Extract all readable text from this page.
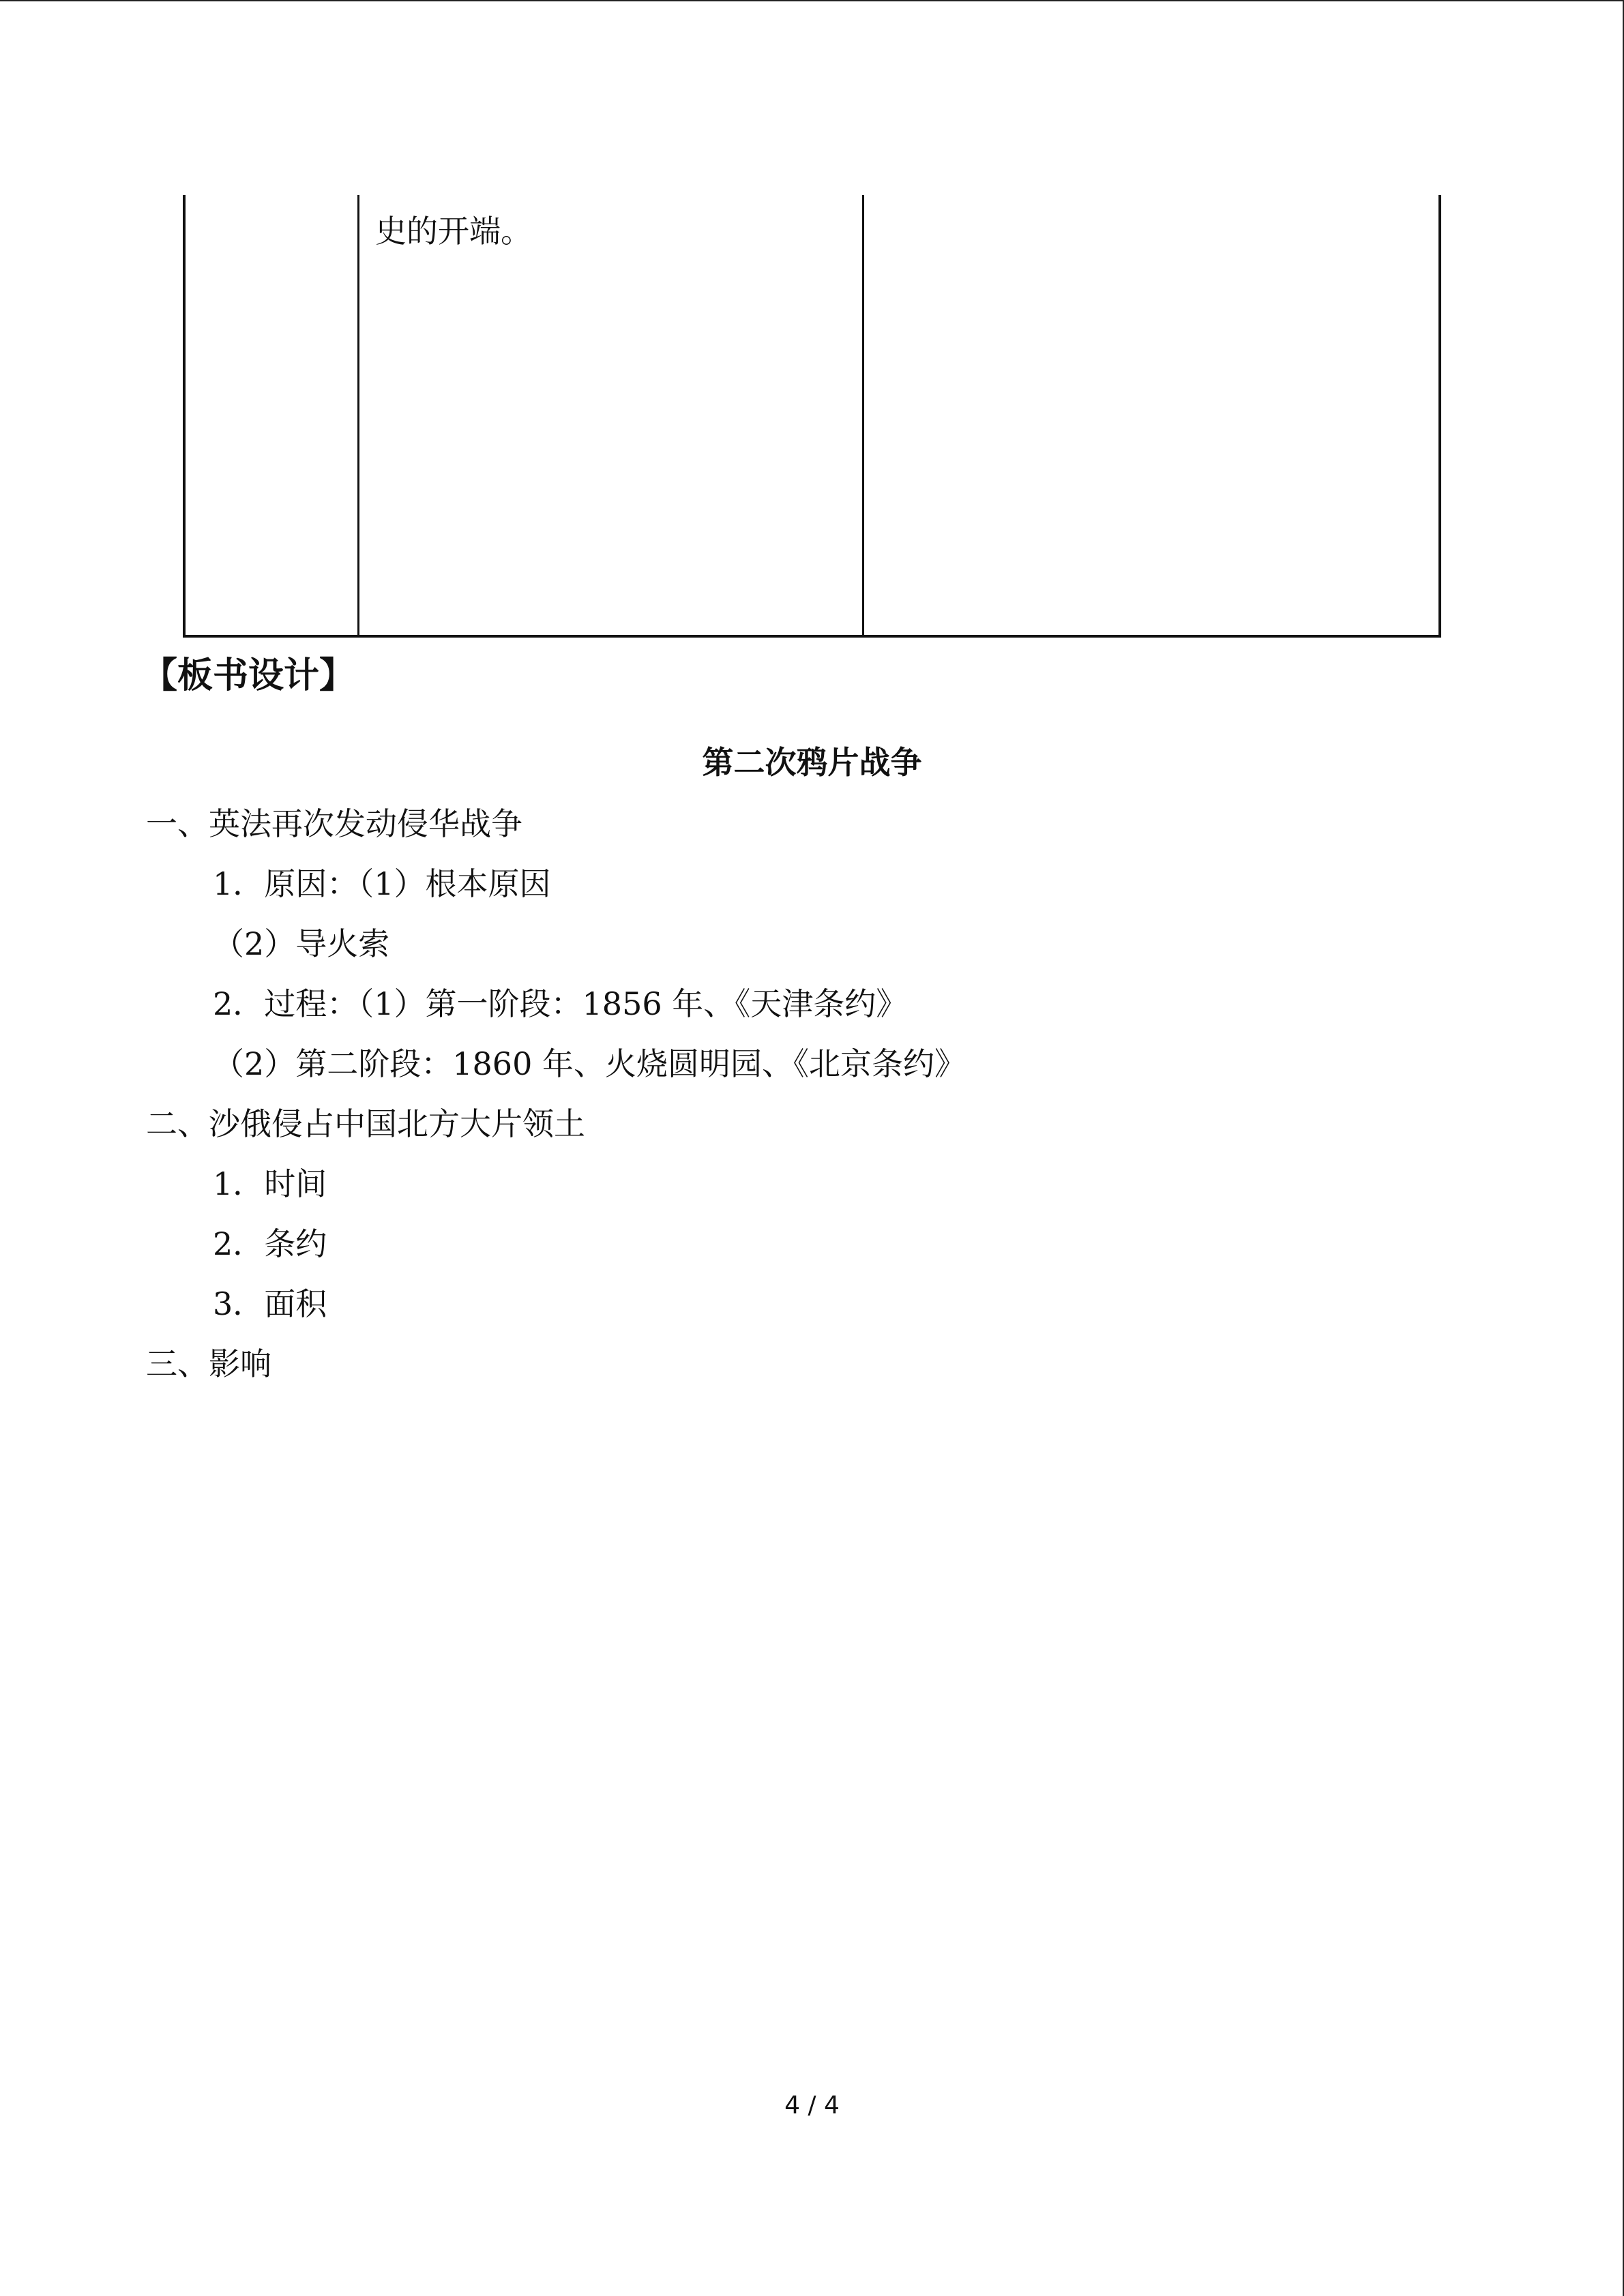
史的开端。
【板书设计】
第二次鸦片战争
一、英法再次发动侵华战争
1．原因：（1）根本原因
（2）导火索
2．过程：（1）第一阶段：1856 年、《天津条约》
（2）第二阶段：1860 年、火烧圆明园、《北京条约》
二、沙俄侵占中国北方大片领土
1．时间
2．条约
3．面积
三、影响
4 / 4
